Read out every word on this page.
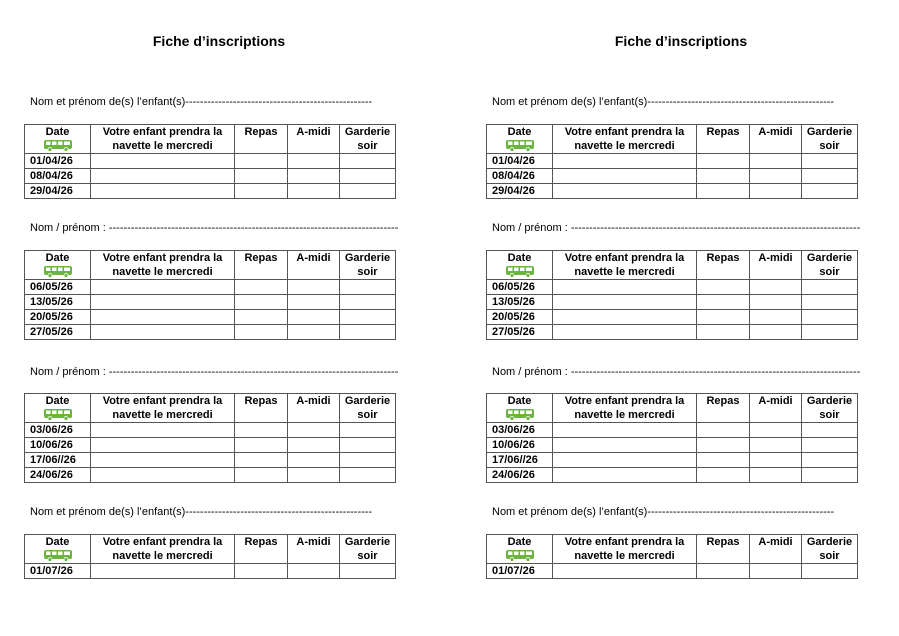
Fiche d’inscriptions
Nom et prénom de(s) l’enfant(s)---------------------------------------------------
Date	Votre enfant prendra la navette le mercredi	Repas	A-midi	Garderie soir
01/04/26				
08/04/26				
29/04/26				
Nom / prénom : -------------------------------------------------------------------------------
Date	Votre enfant prendra la navette le mercredi	Repas	A-midi	Garderie soir
06/05/26				
13/05/26				
20/05/26				
27/05/26				
Nom / prénom : -------------------------------------------------------------------------------
Date	Votre enfant prendra la navette le mercredi	Repas	A-midi	Garderie soir
03/06/26				
10/06/26				
17/06//26				
24/06/26				
Nom et prénom de(s) l’enfant(s)---------------------------------------------------
Date	Votre enfant prendra la navette le mercredi	Repas	A-midi	Garderie soir
01/07/26				
Fiche d’inscriptions
Nom et prénom de(s) l’enfant(s)---------------------------------------------------
Date	Votre enfant prendra la navette le mercredi	Repas	A-midi	Garderie soir
01/04/26				
08/04/26				
29/04/26				
Nom / prénom : -------------------------------------------------------------------------------
Date	Votre enfant prendra la navette le mercredi	Repas	A-midi	Garderie soir
06/05/26				
13/05/26				
20/05/26				
27/05/26				
Nom / prénom : -------------------------------------------------------------------------------
Date	Votre enfant prendra la navette le mercredi	Repas	A-midi	Garderie soir
03/06/26				
10/06/26				
17/06//26				
24/06/26				
Nom et prénom de(s) l’enfant(s)---------------------------------------------------
Date	Votre enfant prendra la navette le mercredi	Repas	A-midi	Garderie soir
01/07/26				
